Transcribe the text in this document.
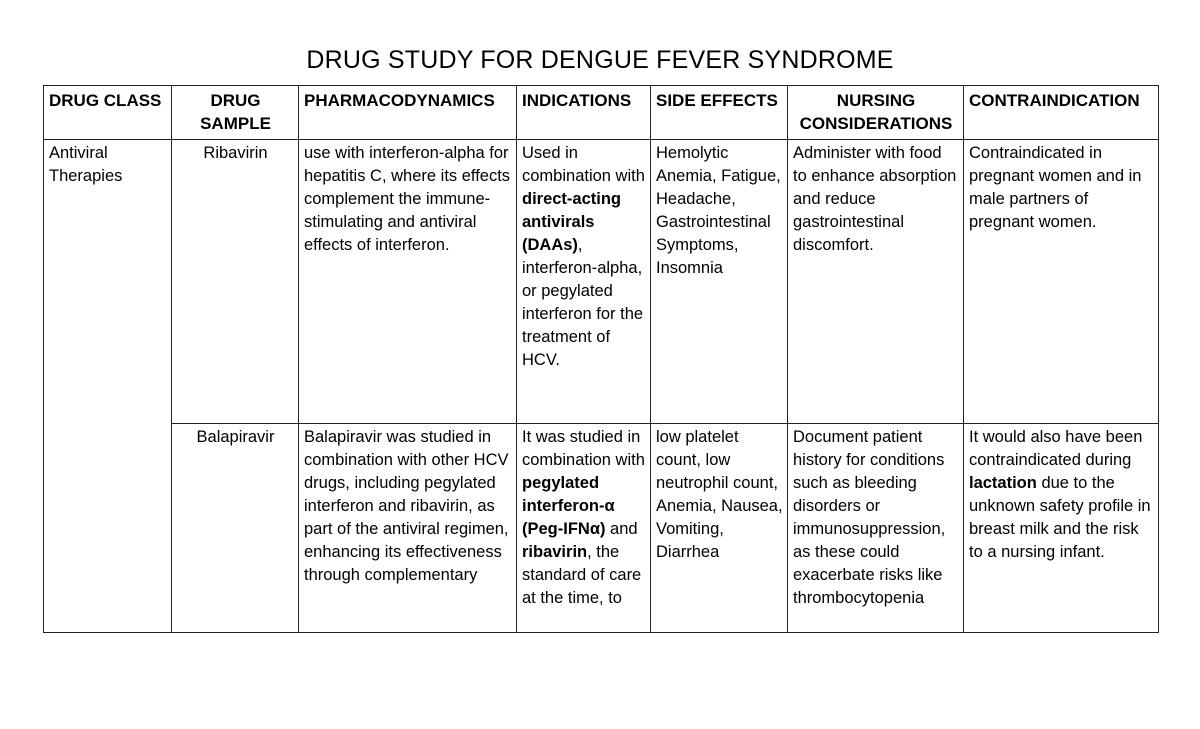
DRUG STUDY FOR DENGUE FEVER SYNDROME
DRUG CLASS	DRUG SAMPLE	PHARMACODYNAMICS	INDICATIONS	SIDE EFFECTS	NURSING CONSIDERATIONS	CONTRAINDICATION
Antiviral Therapies	Ribavirin	use with interferon-alpha for hepatitis C, where its effects complement the immune-stimulating and antiviral effects of interferon.	Used in combination with direct-acting antivirals (DAAs), interferon-alpha, or pegylated interferon for the treatment of HCV.	Hemolytic Anemia, Fatigue, Headache, Gastrointestinal Symptoms, Insomnia	Administer with food to enhance absorption and reduce gastrointestinal discomfort.	Contraindicated in pregnant women and in male partners of pregnant women.
	Balapiravir	Balapiravir was studied in combination with other HCV drugs, including pegylated interferon and ribavirin, as part of the antiviral regimen, enhancing its effectiveness through complementary	It was studied in combination with pegylated interferon-α (Peg-IFNα) and ribavirin, the standard of care at the time, to	low platelet count, low neutrophil count, Anemia, Nausea, Vomiting, Diarrhea	Document patient history for conditions such as bleeding disorders or immunosuppression, as these could exacerbate risks like thrombocytopenia	It would also have been contraindicated during lactation due to the unknown safety profile in breast milk and the risk to a nursing infant.
